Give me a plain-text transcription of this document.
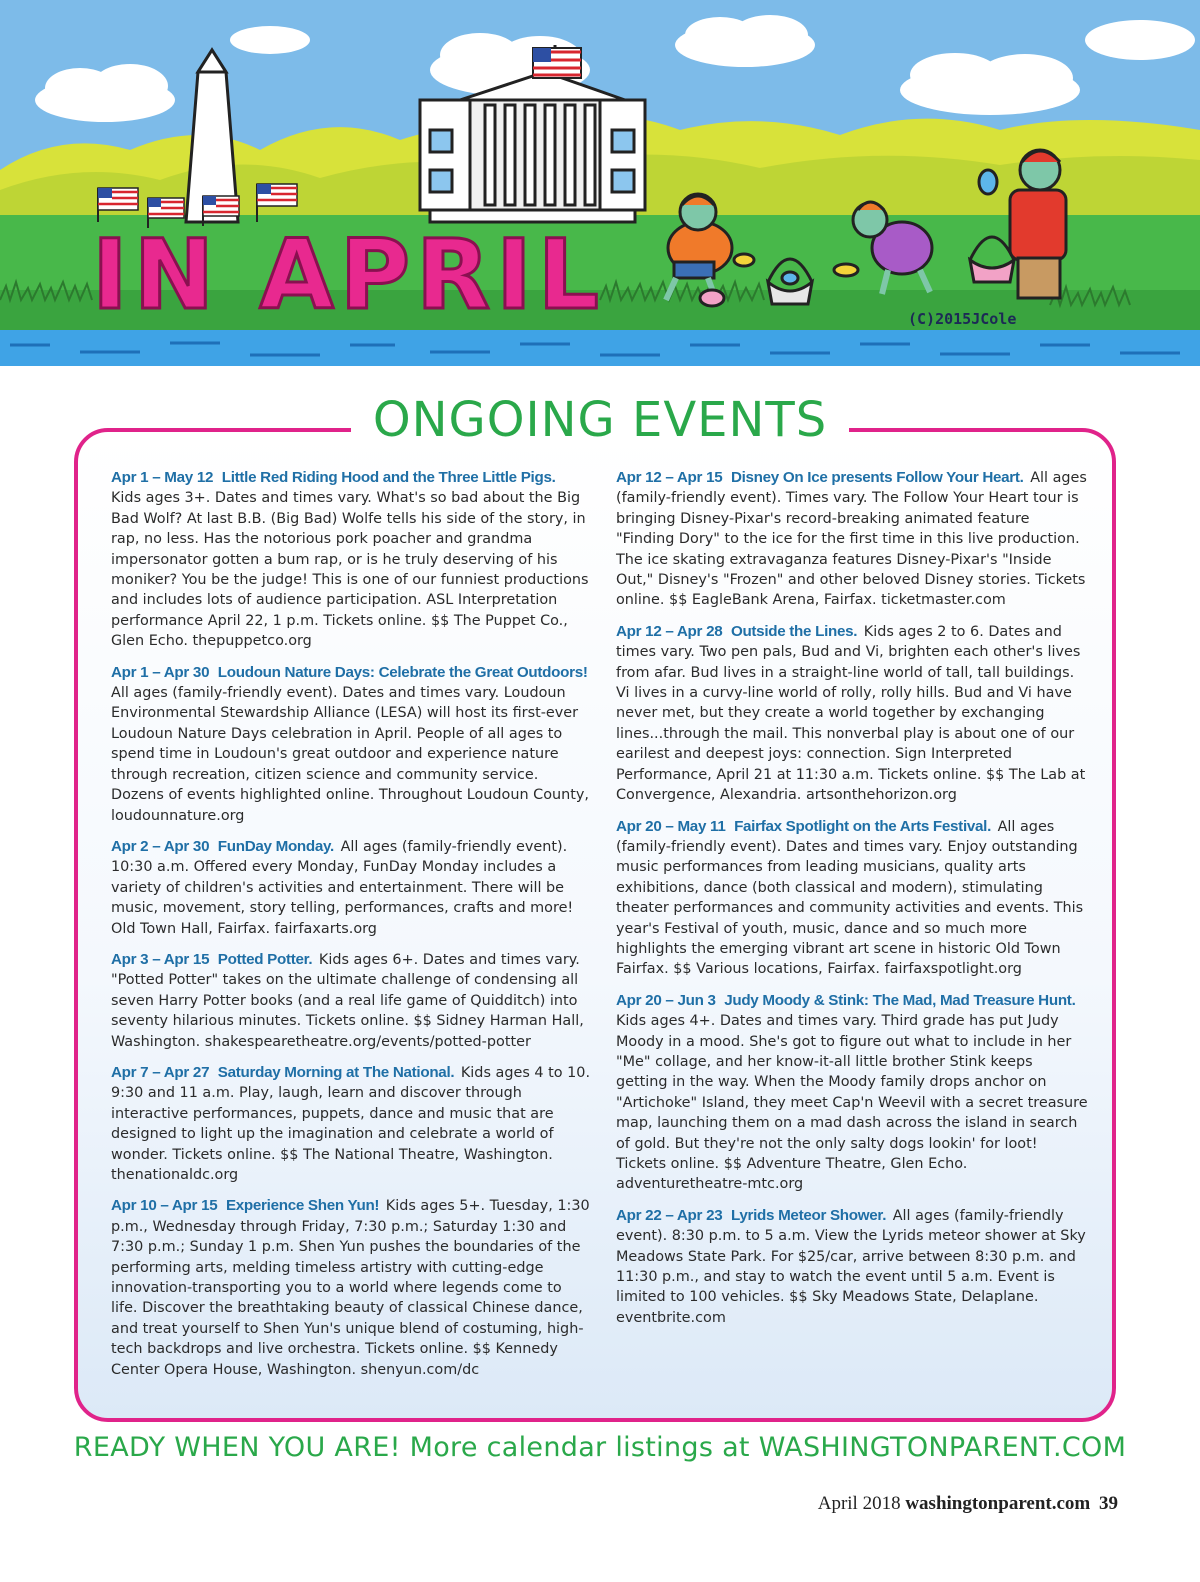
IN APRIL	(C)2015JCole
ONGOING EVENTS
Apr 1 – May 12 Little Red Riding Hood and the Three Little Pigs. Kids ages 3+. Dates and times vary. What's so bad about the Big Bad Wolf? At last B.B. (Big Bad) Wolfe tells his side of the story, in rap, no less. Has the notorious pork poacher and grandma impersonator gotten a bum rap, or is he truly deserving of his moniker? You be the judge! This is one of our funniest productions and includes lots of audience participation. ASL Interpretation performance April 22, 1 p.m. Tickets online. $$ The Puppet Co., Glen Echo. thepuppetco.org
Apr 1 – Apr 30 Loudoun Nature Days: Celebrate the Great Outdoors! All ages (family-friendly event). Dates and times vary. Loudoun Environmental Stewardship Alliance (LESA) will host its first-ever Loudoun Nature Days celebration in April. People of all ages to spend time in Loudoun's great outdoor and experience nature through recreation, citizen science and community service. Dozens of events highlighted online. Throughout Loudoun County, loudounnature.org
Apr 2 – Apr 30 FunDay Monday. All ages (family-friendly event). 10:30 a.m. Offered every Monday, FunDay Monday includes a variety of children's activities and entertainment. There will be music, movement, story telling, performances, crafts and more! Old Town Hall, Fairfax. fairfaxarts.org
Apr 3 – Apr 15 Potted Potter. Kids ages 6+. Dates and times vary. "Potted Potter" takes on the ultimate challenge of condensing all seven Harry Potter books (and a real life game of Quidditch) into seventy hilarious minutes. Tickets online. $$ Sidney Harman Hall, Washington. shakespearetheatre.org/events/potted-potter
Apr 7 – Apr 27 Saturday Morning at The National. Kids ages 4 to 10. 9:30 and 11 a.m. Play, laugh, learn and discover through interactive performances, puppets, dance and music that are designed to light up the imagination and celebrate a world of wonder. Tickets online. $$ The National Theatre, Washington. thenationaldc.org
Apr 10 – Apr 15 Experience Shen Yun! Kids ages 5+. Tuesday, 1:30 p.m., Wednesday through Friday, 7:30 p.m.; Saturday 1:30 and 7:30 p.m.; Sunday 1 p.m. Shen Yun pushes the boundaries of the performing arts, melding timeless artistry with cutting-edge innovation-transporting you to a world where legends come to life. Discover the breathtaking beauty of classical Chinese dance, and treat yourself to Shen Yun's unique blend of costuming, high-tech backdrops and live orchestra. Tickets online. $$ Kennedy Center Opera House, Washington. shenyun.com/dc
Apr 12 – Apr 15 Disney On Ice presents Follow Your Heart. All ages (family-friendly event). Times vary. The Follow Your Heart tour is bringing Disney-Pixar's record-breaking animated feature "Finding Dory" to the ice for the first time in this live production. The ice skating extravaganza features Disney-Pixar's "Inside Out," Disney's "Frozen" and other beloved Disney stories. Tickets online. $$ EagleBank Arena, Fairfax. ticketmaster.com
Apr 12 – Apr 28 Outside the Lines. Kids ages 2 to 6. Dates and times vary. Two pen pals, Bud and Vi, brighten each other's lives from afar. Bud lives in a straight-line world of tall, tall buildings. Vi lives in a curvy-line world of rolly, rolly hills. Bud and Vi have never met, but they create a world together by exchanging lines...through the mail. This nonverbal play is about one of our earilest and deepest joys: connection. Sign Interpreted Performance, April 21 at 11:30 a.m. Tickets online. $$ The Lab at Convergence, Alexandria. artsonthehorizon.org
Apr 20 – May 11 Fairfax Spotlight on the Arts Festival. All ages (family-friendly event). Dates and times vary. Enjoy outstanding music performances from leading musicians, quality arts exhibitions, dance (both classical and modern), stimulating theater performances and community activities and events. This year's Festival of youth, music, dance and so much more highlights the emerging vibrant art scene in historic Old Town Fairfax. $$ Various locations, Fairfax. fairfaxspotlight.org
Apr 20 – Jun 3 Judy Moody & Stink: The Mad, Mad Treasure Hunt. Kids ages 4+. Dates and times vary. Third grade has put Judy Moody in a mood. She's got to figure out what to include in her "Me" collage, and her know-it-all little brother Stink keeps getting in the way. When the Moody family drops anchor on "Artichoke" Island, they meet Cap'n Weevil with a secret treasure map, launching them on a mad dash across the island in search of gold. But they're not the only salty dogs lookin' for loot! Tickets online. $$ Adventure Theatre, Glen Echo. adventuretheatre-mtc.org
Apr 22 – Apr 23 Lyrids Meteor Shower. All ages (family-friendly event). 8:30 p.m. to 5 a.m. View the Lyrids meteor shower at Sky Meadows State Park. For $25/car, arrive between 8:30 p.m. and 11:30 p.m., and stay to watch the event until 5 a.m. Event is limited to 100 vehicles. $$ Sky Meadows State, Delaplane. eventbrite.com
READY WHEN YOU ARE! More calendar listings at WASHINGTONPARENT.COM
April 2018 washingtonparent.com 39
